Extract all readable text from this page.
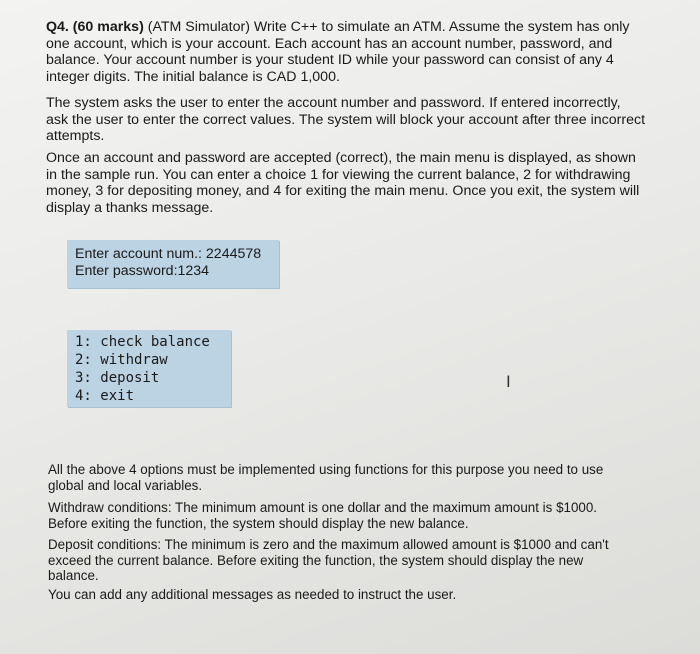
Q4. (60 marks) (ATM Simulator) Write C++ to simulate an ATM. Assume the system has only
one account, which is your account. Each account has an account number, password, and
balance. Your account number is your student ID while your password can consist of any 4
integer digits. The initial balance is CAD 1,000.

The system asks the user to enter the account number and password. If entered incorrectly,
ask the user to enter the correct values. The system will block your account after three incorrect
attempts.

Once an account and password are accepted (correct), the main menu is displayed, as shown
in the sample run. You can enter a choice 1 for viewing the current balance, 2 for withdrawing
money, 3 for depositing money, and 4 for exiting the main menu. Once you exit, the system will
display a thanks message.

Enter account num.: 2244578
Enter password:1234
1: check balance
2: withdraw
3: deposit
4: exit
I

All the above 4 options must be implemented using functions for this purpose you need to use
global and local variables.

Withdraw conditions: The minimum amount is one dollar and the maximum amount is $1000.
Before exiting the function, the system should display the new balance.

Deposit conditions: The minimum is zero and the maximum allowed amount is $1000 and can't
exceed the current balance. Before exiting the function, the system should display the new
balance.

You can add any additional messages as needed to instruct the user.
